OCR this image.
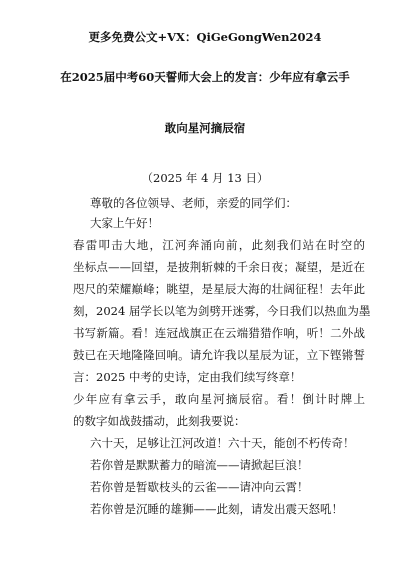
更多免费公文+VX：QiGeGongWen2024
在2025届中考60天誓师大会上的发言：少年应有拿云手
敢向星河摘辰宿
（2025 年 4 月 13 日）
尊敬的各位领导、老师，亲爱的同学们：
大家上午好！
春雷叩击大地，江河奔涌向前，此刻我们站在时空的
坐标点——回望，是披荆斩棘的千余日夜；凝望，是近在
咫尺的荣耀巅峰；眺望，是星辰大海的壮阔征程！去年此
刻，2024 届学长以笔为剑劈开迷雾，今日我们以热血为墨
书写新篇。看！连冠战旗正在云端猎猎作响，听！二外战
鼓已在天地隆隆回响。请允许我以星辰为证，立下铿锵誓
言：2025 中考的史诗，定由我们续写终章！
少年应有拿云手，敢向星河摘辰宿。看！倒计时牌上
的数字如战鼓擂动，此刻我要说：
六十天，足够让江河改道！六十天，能创不朽传奇！
若你曾是默默蓄力的暗流——请掀起巨浪！
若你曾是暂歇枝头的云雀——请冲向云霄！
若你曾是沉睡的雄狮——此刻，请发出震天怒吼！
